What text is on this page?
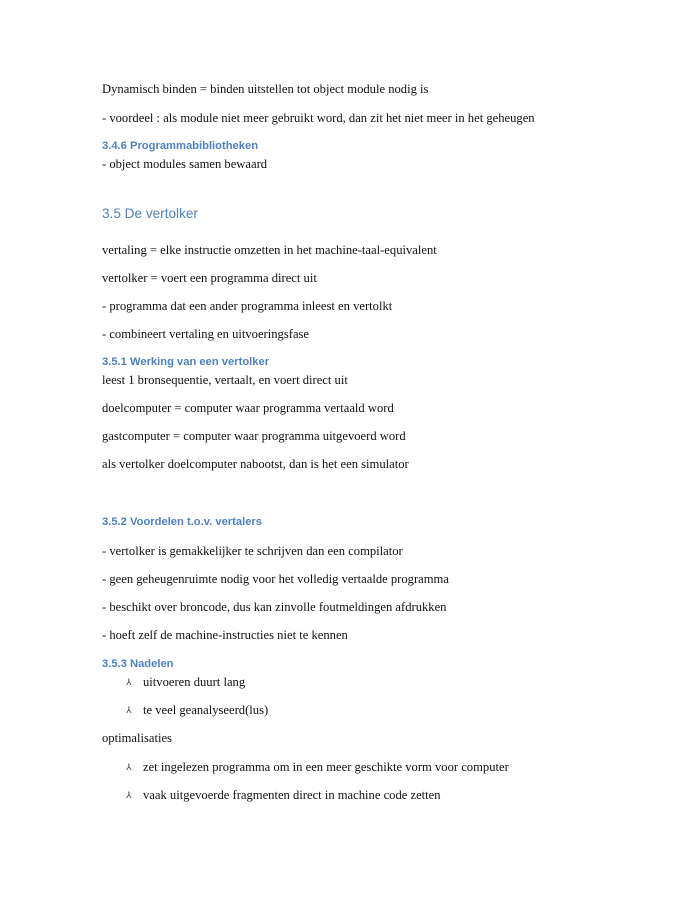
Dynamisch binden = binden uitstellen tot object module nodig is
- voordeel : als module niet meer gebruikt word, dan zit het niet meer in het geheugen
3.4.6 Programmabibliotheken
- object modules samen bewaard
3.5 De vertolker
vertaling = elke instructie omzetten in het machine-taal-equivalent
vertolker = voert een programma direct uit
- programma dat een ander programma inleest en vertolkt
- combineert vertaling en uitvoeringsfase
3.5.1 Werking van een vertolker
leest 1 bronsequentie, vertaalt, en voert direct uit
doelcomputer = computer waar programma vertaald word
gastcomputer = computer waar programma uitgevoerd word
als vertolker doelcomputer nabootst, dan is het een simulator
3.5.2 Voordelen t.o.v. vertalers
- vertolker is gemakkelijker te schrijven dan een compilator
- geen geheugenruimte nodig voor het volledig vertaalde programma
- beschikt over broncode, dus kan zinvolle foutmeldingen afdrukken
- hoeft zelf de machine-instructies niet te kennen
3.5.3 Nadelen
⅄ uitvoeren duurt lang
⅄ te veel geanalyseerd(lus)
optimalisaties
⅄ zet ingelezen programma om in een meer geschikte vorm voor computer
⅄ vaak uitgevoerde fragmenten direct in machine code zetten
